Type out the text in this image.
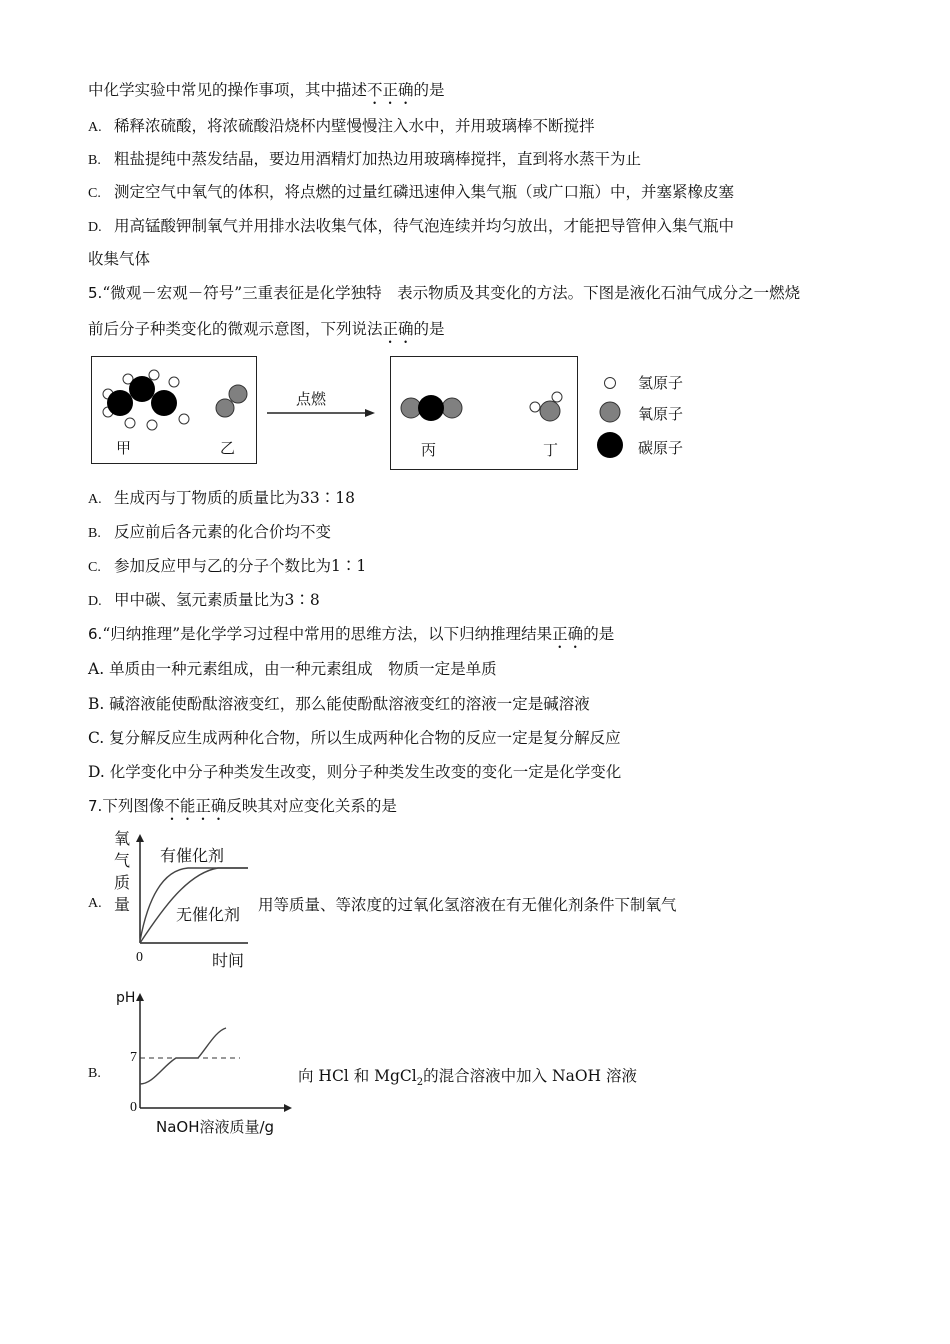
中化学实验中常见的操作事项，其中描述不正确的是
A. 稀释浓硫酸，将浓硫酸沿烧杯内壁慢慢注入水中，并用玻璃棒不断搅拌
B. 粗盐提纯中蒸发结晶，要边用酒精灯加热边用玻璃棒搅拌，直到将水蒸干为止
C. 测定空气中氧气的体积，将点燃的过量红磷迅速伸入集气瓶（或广口瓶）中，并塞紧橡皮塞
D. 用高锰酸钾制氧气并用排水法收集气体，待气泡连续并均匀放出，才能把导管伸入集气瓶中
收集气体
5.“微观－宏观－符号”三重表征是化学独特　表示物质及其变化的方法。下图是液化石油气成分之一燃烧
前后分子种类变化的微观示意图，下列说法正确的是
甲	乙
点燃
丙	丁
氢原子
氧原子
碳原子
A. 生成丙与丁物质的质量比为33∶18
B. 反应前后各元素的化合价均不变
C. 参加反应甲与乙的分子个数比为1∶1
D. 甲中碳、氢元素质量比为3∶8
6.“归纳推理”是化学学习过程中常用的思维方法，以下归纳推理结果正确的是
A. 单质由一种元素组成，由一种元素组成　物质一定是单质
B. 碱溶液能使酚酞溶液变红，那么能使酚酞溶液变红的溶液一定是碱溶液
C. 复分解反应生成两种化合物，所以生成两种化合物的反应一定是复分解反应
D. 化学变化中分子种类发生改变，则分子种类发生改变的变化一定是化学变化
7.下列图像不能正确反映其对应变化关系的是
A.
氧气质量
有催化剂
无催化剂
0	时间
用等质量、等浓度的过氧化氢溶液在有无催化剂条件下制氧气
B.
pH
7
0
NaOH溶液质量/g
向 HCl 和 MgCl$_2$的混合溶液中加入 NaOH 溶液
